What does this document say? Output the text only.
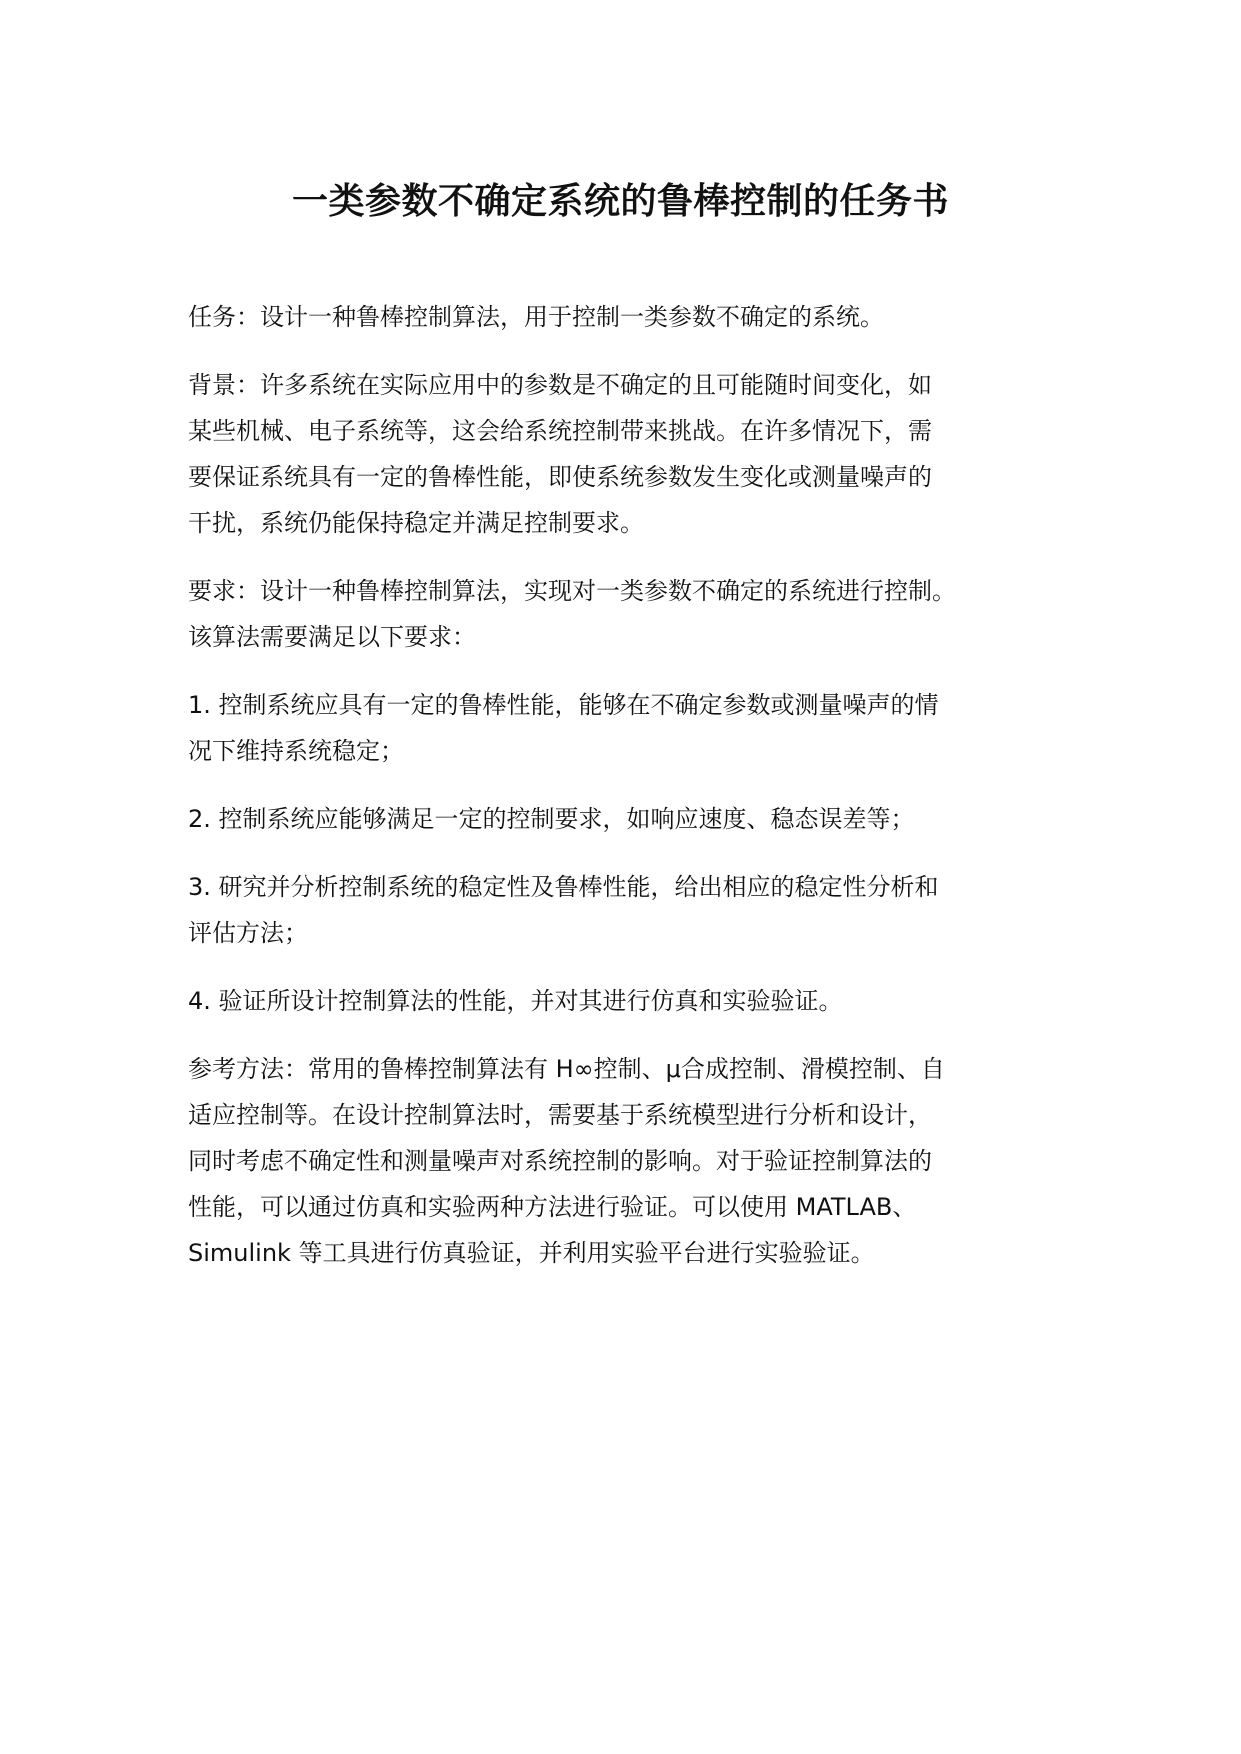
一类参数不确定系统的鲁棒控制的任务书

任务：设计一种鲁棒控制算法，用于控制一类参数不确定的系统。

背景：许多系统在实际应用中的参数是不确定的且可能随时间变化，如
某些机械、电子系统等，这会给系统控制带来挑战。在许多情况下，需
要保证系统具有一定的鲁棒性能，即使系统参数发生变化或测量噪声的
干扰，系统仍能保持稳定并满足控制要求。

要求：设计一种鲁棒控制算法，实现对一类参数不确定的系统进行控制。
该算法需要满足以下要求：

1. 控制系统应具有一定的鲁棒性能，能够在不确定参数或测量噪声的情
况下维持系统稳定；

2. 控制系统应能够满足一定的控制要求，如响应速度、稳态误差等；

3. 研究并分析控制系统的稳定性及鲁棒性能，给出相应的稳定性分析和
评估方法；

4. 验证所设计控制算法的性能，并对其进行仿真和实验验证。

参考方法：常用的鲁棒控制算法有 H∞控制、μ合成控制、滑模控制、自
适应控制等。在设计控制算法时，需要基于系统模型进行分析和设计，
同时考虑不确定性和测量噪声对系统控制的影响。对于验证控制算法的
性能，可以通过仿真和实验两种方法进行验证。可以使用 MATLAB、
Simulink 等工具进行仿真验证，并利用实验平台进行实验验证。
